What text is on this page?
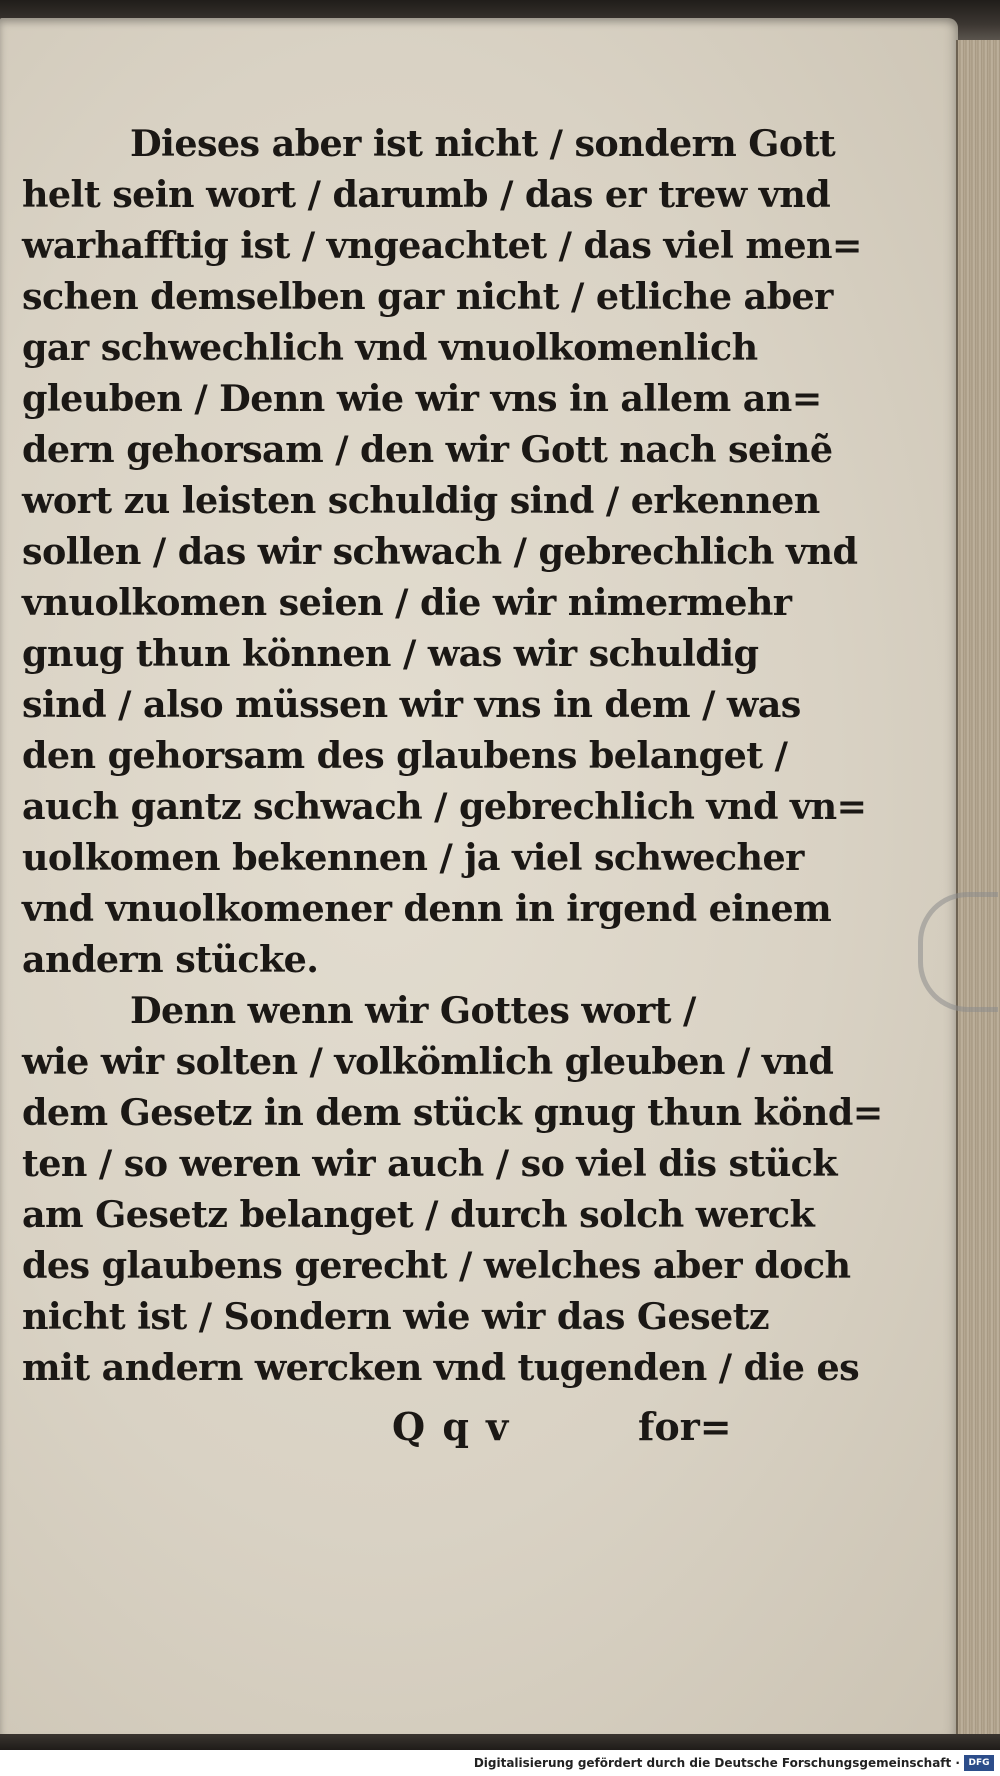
Dieses aber ist nicht / sondern Gott
helt sein wort / darumb / das er trew vnd
warhafftig ist / vngeachtet / das viel men=
schen demselben gar nicht / etliche aber
gar schwechlich vnd vnuolkomenlich
gleuben / Denn wie wir vns in allem an=
dern gehorsam / den wir Gott nach seinẽ
wort zu leisten schuldig sind / erkennen
sollen / das wir schwach / gebrechlich vnd
vnuolkomen seien / die wir nimermehr
gnug thun können / was wir schuldig
sind / also müssen wir vns in dem / was
den gehorsam des glaubens belanget /
auch gantz schwach / gebrechlich vnd vn=
uolkomen bekennen / ja viel schwecher
vnd vnuolkomener denn in irgend einem
andern stücke.
Denn wenn wir Gottes wort /
wie wir solten / volkömlich gleuben / vnd
dem Gesetz in dem stück gnug thun könd=
ten / so weren wir auch / so viel dis stück
am Gesetz belanget / durch solch werck
des glaubens gerecht / welches aber doch
nicht ist / Sondern wie wir das Gesetz
mit andern wercken vnd tugenden / die es
Q q v	for=
Digitalisierung gefördert durch die Deutsche Forschungsgemeinschaft · DFG
